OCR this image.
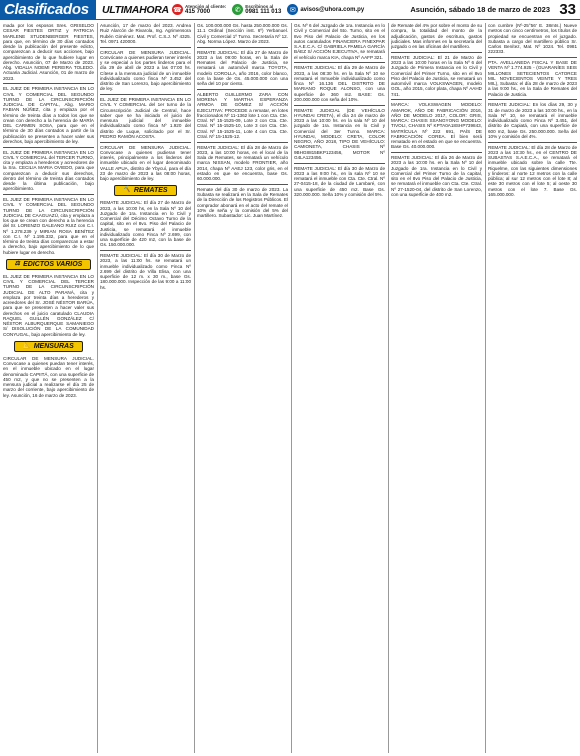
Clasificados	ULTIMAHORA ☎ Atención al cliente:
415 7000	✆	Escribinos al
0981 111 013	✉ avisos@uhora.com.py	Asunción, sábado 18 de marzo de 2023 33

mada por los esposos Sres. GRISELDO CESAR FIESTES ORTIZ y PATRICIA MARLENE STUDENBERGER FIESTES, para que, en término de 30 días contados desde la publicación del presente edicto, comparezcan a deducir sus acciones, bajo apercibimiento de lo que hubiere lugar en derecho. Asunción, 07 de Marzo de 2023. Abg. VIDALIA NOEMI PEREIRA TOLEDO. Actuaria Judicial. Asunción, 01 de marzo de 2023.

EL JUEZ DE PRIMERA INSTANCIA EN LO CIVIL Y COMERCIAL DEL SEGUNDO TURNO DE LA CIRCUNSCRIPCIÓN JUDICIAL DE CAPITAL, Abg. MARIO FABIAN NÚÑEZ, cita y emplaza por el término de treinta días a todos los que se crean con derecho a la herencia de MARÍA DEL CARMEN SOSA, para que en el término de 30 días contados a partir de la publicación se presenten a hacer valer sus derechos, bajo apercibimiento de ley.

EL JUEZ DE PRIMERA INSTANCIA EN LO CIVIL Y COMERCIAL del TERCER TURNO, cita y emplaza a herederos y acreedores de la Sra. CECILIA MARIA OVIEDO, para que comparezcan a deducir sus derechos, dentro del término de treinta días contados desde la última publicación, bajo apercibimiento.

EL JUEZ DE PRIMERA INSTANCIA EN LO CIVIL Y COMERCIAL DEL SEGUNDO TURNO DE LA CIRCUNSCRIPCIÓN JUDICIAL DE CAAGUAZÚ, cita y emplaza a los que se crean con derecho a la herencia del Sr. LORENZO GALEANO RUIZ con C.I. Nº 1.278.239 y MIRIAN ROSA BENÍTEZ con C.I. Nº 1.195.332, para que en el término de treinta días comparezcan a estar a derecho, bajo apercibimiento de lo que hubiere lugar en derecho.

⚖ EDICTOS VARIOS

EL JUEZ DE PRIMERA INSTANCIA EN LO CIVIL Y COMERCIAL DEL TERCER TURNO DE LA CIRCUNSCRIPCIÓN JUDICIAL DE ALTO PARANÁ, cita y emplaza por treinta días a herederos y acreedores del Sr. JOSÉ NÉSTOR BARÚA, para que se presenten a hacer valer sus derechos en el juicio caratulado CLAUDIA RAQUEL GUILLÉN GONZÁLEZ C/ NÉSTOR ALBURQUERQUE SAMANIEGO S/ DISOLUCIÓN DE LA COMUNIDAD CONYUGAL, bajo apercibimiento de ley.

📐 MENSURAS

CIRCULAR DE MENSURA JUDICIAL. Convocase a quienes puedan tener interés, en el inmueble ubicado en el lugar denominado CAPIITÁ, con una superficie de 450 m2, y que no se presenten a la mensura judicial a realizarse el día 25 de marzo del corriente, bajo apercibimiento de ley. Asunción, 16 de marzo de 2023.

Asunción, 17 de marzo del 2023. Andrea Ruiz Alarcón de Rivarola, Ing. Agrimensora Rubén Giménez. Mat. Prof. C.S.J. Nº 4325. Tel. 0971 420000.

CIRCULAR DE MENSURA JUDICIAL. Convócase a quienes pudieran tener interés y se especial a los partes linderos para el día 29 de abril de 2023 a las 07:00 hs. Cítese a la mensura judicial de un inmueble individualizado como finca Nº 3.452 del distrito de San Lorenzo, bajo apercibimiento de ley.

EL JUEZ DE PRIMERA INSTANCIA EN LO CIVIL Y COMERCIAL del 1er turno de la Circunscripción Judicial de Central, hace saber que se ha iniciado el juicio de mensura judicial del inmueble individualizado como finca Nº 1.920 del distrito de Luque, solicitado por el Sr. PEDRO RAMÓN ACOSTA.

CIRCULAR DE MENSURA JUDICIAL. Convocase a quienes pudieran tener interés, principalmente a los linderos del inmueble ubicado en el lugar denominado VALLE APUA, distrito de Ybycuí, para el día 23 de marzo de 2023 a las 08:00 horas, bajo apercibimiento de ley.

🔨 REMATES

REMATE JUDICIAL: El día 27 de Marzo de 2023, a las 10:00 hs, en la Sala Nº 10 del Juzgado de 1ra. Instancia en lo Civil y Comercial del Décimo Octavo Turno de la capital, sito en el 8vo. Piso del Palacio de Justicia, se rematará el inmueble individualizado como Finca Nº 2.699, con una superficie de 420 m2, con la base de Gs. 150.000.000.

REMATE JUDICIAL: El día 30 de Marzo de 2023, a las 11:00 hs. se rematará un inmueble individualizado como Finca Nº 2.699 del distrito de Villa Elisa, con una superficie de 12 m. x 30 m., base Gs. 180.000.000. Inspección de las 9:00 a 11:00 hs.

Gs. 100.000.000 Gs. hasta 250.000.000 Gs. 11.1 Ordinal (Sección inst. 6º) Yerbanuel. Civil y Comercial 1º Turno. Secretaría Nº 12. Abg. Norma López. Marzo de 2023.

REMATE JUDICIAL: El día 27 de Marzo de 2023 a las 09:00 horas, en la Sala de Remates del Palacio de Justicia, se rematará un automóvil marca TOYOTA, modelo COROLLA, año 2016, color blanco, con la base de Gs. 45.000.000 con una seña del 10 por ciento.

ALBERTO GUILLERMO ZARA CON MORENA Y MARTHA ESPERANZA ARMOA DE GÓMEZ S/ ACCIÓN EJECUTIVA: PROCEDE a rematar, en lotes fraccionados Nº 11-1362 lote 1 con Cta. Cte. Ctral. Nº 15-1525-09, Lote 2 con Cta. Cte. Ctral. Nº 15-1525-10, Lote 3 con Cta. Cte. Ctral. Nº 15-1525-11, Lote 4 con Cta. Cte. Ctral. Nº 15-1525-12.

REMATE JUDICIAL: El día 28 de Marzo de 2023, a las 10:00 horas, en el local de la Sala de Remates, se rematará un vehículo marca NISSAN, modelo FRONTIER, año 2014, chapa Nº AAEJ 123, color gris, en el estado en que se encuentra, base Gs. 60.000.000.

Remate del día 30 de marzo de 2023. La Subasta se realizará en la Sala de Remates de la Dirección de los Registros Públicos. El comprador abonará en el acto del remate el 10% de seña y la comisión del 5% del martillero. Subastador: Lic. Juan Martínez.

Gs. Nº 6 del Juzgado de 1ra. Instancia en lo Civil y Comercial del 5to. Turno, sito en el 8vo Piso del Palacio de Justicia, en los autos caratulados FINANCIERA FINEXPAR S.A.E.C.A. C/ GABRIELA PAMELA GARCÍA BÁEZ S/ ACCIÓN EJECUTIVA, se rematará el vehículo marca KIA, chapa Nº AAFP 321.

REMATE JUDICIAL: El día 29 de Marzo de 2023, a las 08:30 hs. en la Sala Nº 10 se rematará el Inmueble individualizado como finca Nº 16.136 DEL DISTRITO DE MARIANO ROQUE ALONSO, con una superficie de 360 m2. BASE: Gs. 200.000.000 con seña del 10%.

REMATE JUDICIAL (DE VEHÍCULO HYUNDAI CRETA), el día 24 de marzo de 2023 a las 10:00 hs. en la sala Nº 10 del juzgado de 1ra. Instancia en lo Civil y Comercial del 3er Turno. MARCA: HYUNDAI, MODELO: CRETA, COLOR NEGRO, AÑO 2018, TIPO DE VEHÍCULO: CAMIONETA, CHASIS Nº 9BHG8815BKP123456, MOTOR Nº G4LA123456.

REMATE JUDICIAL: El día 30 de Marzo de 2023 a las 9:00 hs., en la sala Nº 10 se rematará el inmueble con Cta. Cte. Ctral. Nº 27-0415-18, de la ciudad de Lambaré, con una superficie de 450 m2. Base Gs. 320.000.000. Seña 10% y comisión del 5%.

de Remate del 4% por sobre el monto de su compra, la totalidad del monto de la adjudicación, gastos de escritura, gastos judiciales. Mas informes en la secretaría del juzgado o en las oficinas del martillero.

REMATE JUDICIAL: El 21 de Marzo de 2023 a las 10:00 horas en la Sala Nº 6 del Juzgado de Primera Instancia en lo Civil y Comercial del Primer Turno, sito en el 8vo Piso del Palacio de Justicia, se rematará un automóvil marca VOLKSWAGEN, modelo GOL, año 2015, color plata, chapa Nº AAHD 741.

MARCA: VOLKSWAGEN MODELO: AMAROK, AÑO DE FABRICACIÓN 2016, AÑO DE MODELO 2017, COLOR: GRIS, MARCA: CHASIS SSANGYONG MODELO: TIVOLI, CHASIS Nº KPTA0A18SHP739843, MATRÍCULA Nº 222 691, PAÍS DE FABRICACIÓN: COREA. El bien será rematado en el estado en que se encuentra. Base Gs. 40.000.000.

REMATE JUDICIAL: El día 26 de Marzo de 2023 a las 10:00 hs. en la Sala Nº 10 del Juzgado de 1ra. Instancia en lo Civil y Comercial del Primer Turno de la capital, sito en el 8vo Piso del Palacio de Justicia, se rematará el inmueble con Cta. Cte. Ctral. Nº 27-1520-04, del distrito de San Lorenzo, con una superficie de 400 m2.

con cumbre (Nº-25°56' E. 38mts.) Nueve metros con cinco centímetros, los títulos de propiedad se encuentran en el juzgado. Subasta a cargo del martillero público Sr. Carlos Benítez, Mat. Nº 1024. Tel. 0981 222333.

PTA. AVELLANEDA FISCAL Y BASE DE VENTA Nº 1.774.925 - (GUARANÍES SEIS MILLONES SETECIENTOS CATORCE MIL NOVECIENTOS VEINTE Y TRES MIL), Subasta: el día 28 de marzo de 2023 a las 9:00 hs., en la Sala de Remates del Palacio de Justicia.

REMATE JUDICIAL: En los días 29, 30 y 31 de marzo de 2023 a las 10:00 hs., en la Sala Nº 10, se rematará el inmueble individualizado como Finca Nº 3.451, del distrito de Capiatá, con una superficie de 600 m2, base Gs. 250.000.000. Seña del 10% y comisión del 4%.

REMATE JUDICIAL: El día 28 de Marzo de 2023 a las 10:30 hs., en el CENTRO DE SUBASTAS S.A.E.C.A., se rematará el inmueble ubicado sobre la calle Tte. Riquelme, con las siguientes dimensiones y linderos: al norte 12 metros con la calle pública; al sur 12 metros con el lote 8; al este 30 metros con el lote 5; al oeste 30 metros con el lote 7. Base Gs. 165.000.000.
